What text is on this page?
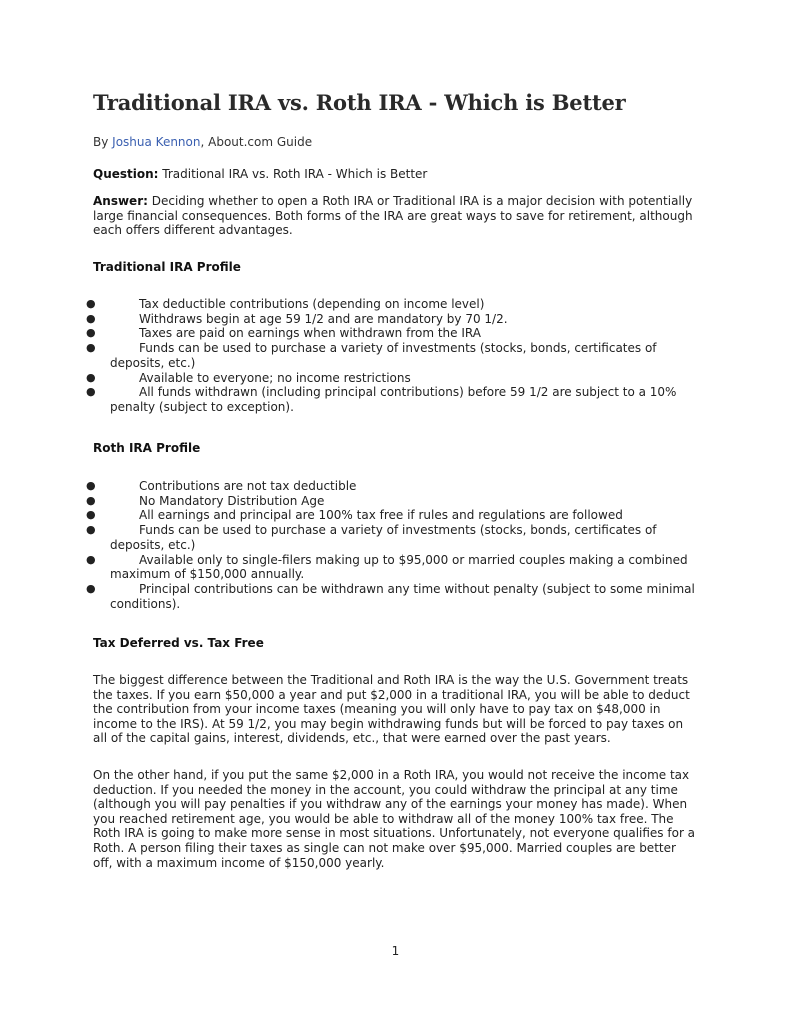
Traditional IRA vs. Roth IRA - Which is Better
By Joshua Kennon, About.com Guide

Question: Traditional IRA vs. Roth IRA - Which is Better

Answer: Deciding whether to open a Roth IRA or Traditional IRA is a major decision with potentially large financial consequences. Both forms of the IRA are great ways to save for retirement, although each offers different advantages.

Traditional IRA Profile
●	Tax deductible contributions (depending on income level)
●	Withdraws begin at age 59 1/2 and are mandatory by 70 1/2.
●	Taxes are paid on earnings when withdrawn from the IRA
●	Funds can be used to purchase a variety of investments (stocks, bonds, certificates of deposits, etc.)
●	Available to everyone; no income restrictions
●	All funds withdrawn (including principal contributions) before 59 1/2 are subject to a 10% penalty (subject to exception).
Roth IRA Profile
●	Contributions are not tax deductible
●	No Mandatory Distribution Age
●	All earnings and principal are 100% tax free if rules and regulations are followed
●	Funds can be used to purchase a variety of investments (stocks, bonds, certificates of deposits, etc.)
●	Available only to single-filers making up to $95,000 or married couples making a combined maximum of $150,000 annually.
●	Principal contributions can be withdrawn any time without penalty (subject to some minimal conditions).
Tax Deferred vs. Tax Free

The biggest difference between the Traditional and Roth IRA is the way the U.S. Government treats the taxes. If you earn $50,000 a year and put $2,000 in a traditional IRA, you will be able to deduct the contribution from your income taxes (meaning you will only have to pay tax on $48,000 in income to the IRS). At 59 1/2, you may begin withdrawing funds but will be forced to pay taxes on all of the capital gains, interest, dividends, etc., that were earned over the past years.

On the other hand, if you put the same $2,000 in a Roth IRA, you would not receive the income tax deduction. If you needed the money in the account, you could withdraw the principal at any time (although you will pay penalties if you withdraw any of the earnings your money has made). When you reached retirement age, you would be able to withdraw all of the money 100% tax free. The Roth IRA is going to make more sense in most situations. Unfortunately, not everyone qualifies for a Roth. A person filing their taxes as single can not make over $95,000. Married couples are better off, with a maximum income of $150,000 yearly.

1
